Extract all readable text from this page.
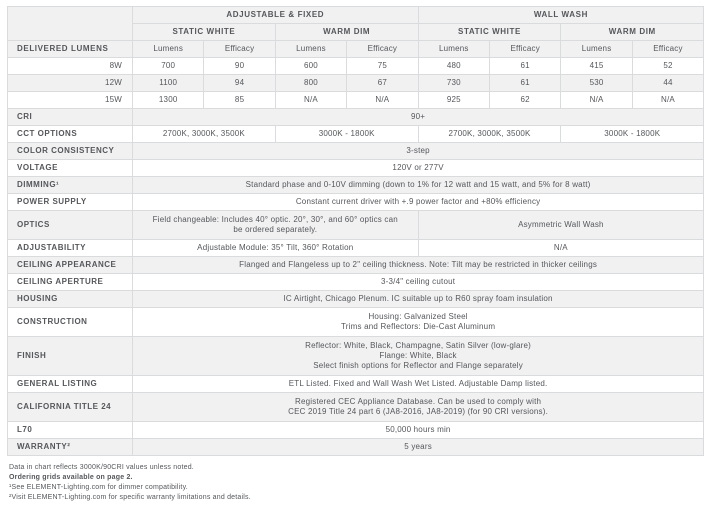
	ADJUSTABLE & FIXED				WALL WASH			
	STATIC WHITE		WARM DIM		STATIC WHITE		WARM DIM	
DELIVERED LUMENS	Lumens	Efficacy	Lumens	Efficacy	Lumens	Efficacy	Lumens	Efficacy
8W	700	90	600	75	480	61	415	52
12W	1100	94	800	67	730	61	530	44
15W	1300	85	N/A	N/A	925	62	N/A	N/A
CRI	90+							
CCT OPTIONS	2700K, 3000K, 3500K		3000K - 1800K		2700K, 3000K, 3500K		3000K - 1800K	
COLOR CONSISTENCY	3-step							
VOLTAGE	120V or 277V							
DIMMING¹	Standard phase and 0-10V dimming (down to 1% for 12 watt and 15 watt, and 5% for 8 watt)							
POWER SUPPLY	Constant current driver with +.9 power factor and +80% efficiency							
OPTICS	Field changeable: Includes 40° optic. 20°, 30°, and 60° optics can be ordered separately.				Asymmetric Wall Wash			
ADJUSTABILITY	Adjustable Module: 35° Tilt, 360° Rotation				N/A			
CEILING APPEARANCE	Flanged and Flangeless up to 2" ceiling thickness. Note: Tilt may be restricted in thicker ceilings							
CEILING APERTURE	3-3/4" ceiling cutout							
HOUSING	IC Airtight, Chicago Plenum. IC suitable up to R60 spray foam insulation							
CONSTRUCTION	Housing: Galvanized Steel
Trims and Reflectors: Die-Cast Aluminum							

FINISH	Reflector: White, Black, Champagne, Satin Silver (low-glare)
Flange: White, Black
Select finish options for Reflector and Flange separately							

GENERAL LISTING	ETL Listed. Fixed and Wall Wash Wet Listed. Adjustable Damp listed.							
CALIFORNIA TITLE 24	Registered CEC Appliance Database. Can be used to comply with
CEC 2019 Title 24 part 6 (JA8-2016, JA8-2019) (for 90 CRI versions).							

L70	50,000 hours min							
WARRANTY²	5 years							
Data in chart reflects 3000K/90CRI values unless noted.
Ordering grids available on page 2.
¹See ELEMENT-Lighting.com for dimmer compatibility.
²Visit ELEMENT-Lighting.com for specific warranty limitations and details.
